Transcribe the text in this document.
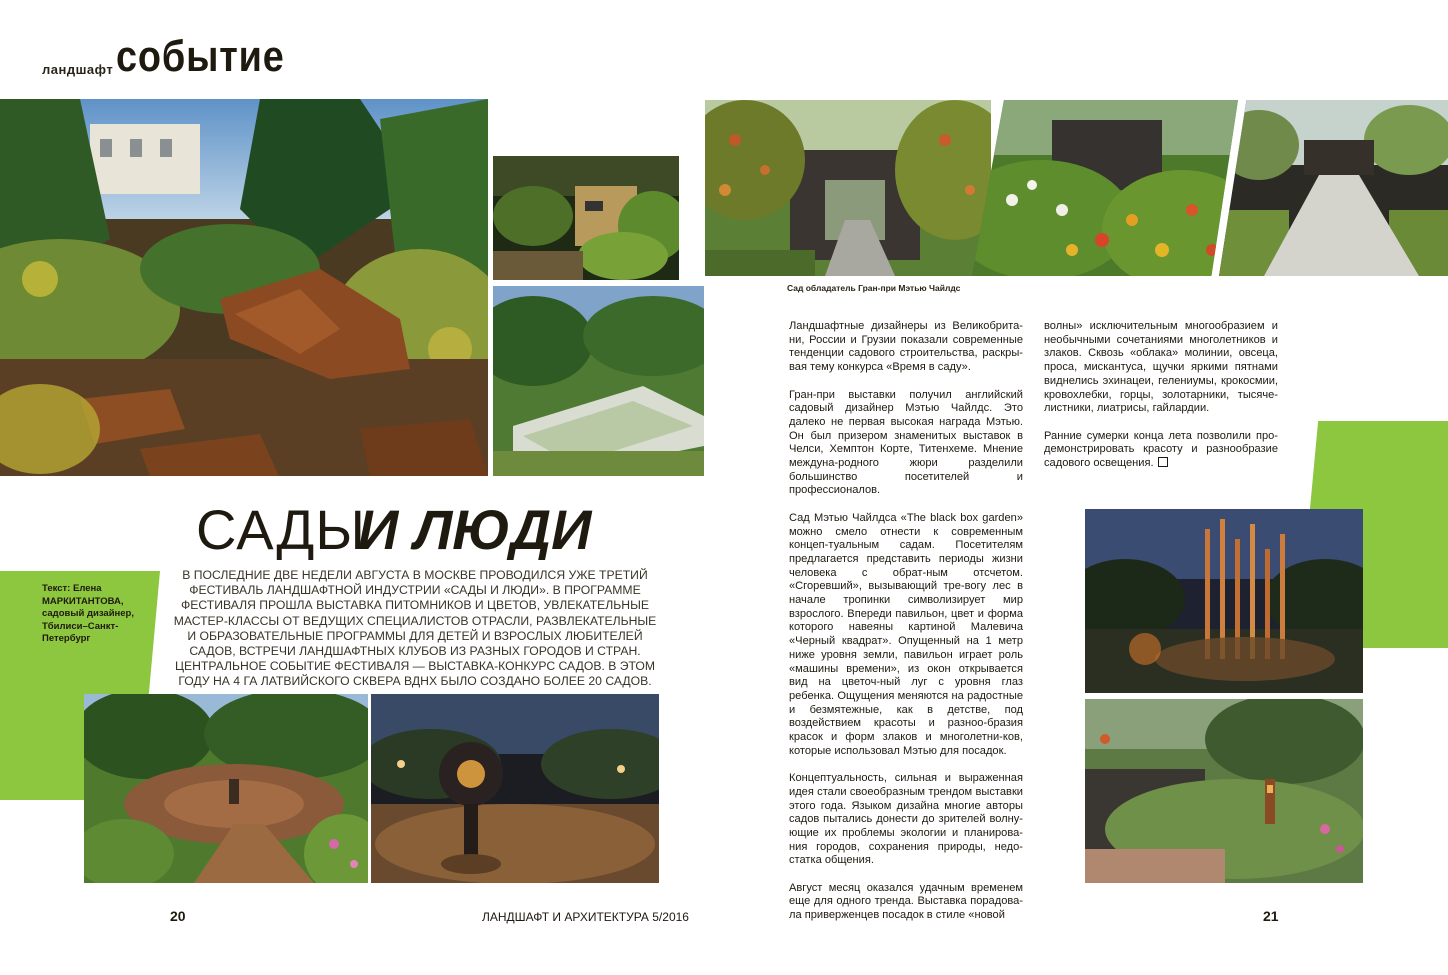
ландшафт событие
САДЫ
И ЛЮДИ
Текст: Елена МАРКИТАНТОВА, садовый дизайнер, Тбилиси–Санкт-Петербург
В ПОСЛЕДНИЕ ДВЕ НЕДЕЛИ АВГУСТА В МОСКВЕ ПРОВОДИЛСЯ УЖЕ ТРЕТИЙ ФЕСТИВАЛЬ ЛАНДШАФТНОЙ ИНДУСТРИИ «САДЫ И ЛЮДИ». В ПРОГРАММЕ ФЕСТИВАЛЯ ПРОШЛА ВЫСТАВКА ПИТОМНИКОВ И ЦВЕТОВ, УВЛЕКАТЕЛЬНЫЕ МАСТЕР-КЛАССЫ ОТ ВЕДУЩИХ СПЕЦИАЛИСТОВ ОТРАСЛИ, РАЗВЛЕКАТЕЛЬНЫЕ И ОБРАЗОВАТЕЛЬНЫЕ ПРОГРАММЫ ДЛЯ ДЕТЕЙ И ВЗРОСЛЫХ ЛЮБИТЕЛЕЙ САДОВ, ВСТРЕЧИ ЛАНДШАФТНЫХ КЛУБОВ ИЗ РАЗНЫХ ГОРОДОВ И СТРАН. ЦЕНТРАЛЬНОЕ СОБЫТИЕ ФЕСТИВАЛЯ — ВЫСТАВКА-КОНКУРС САДОВ. В ЭТОМ ГОДУ НА 4 ГА ЛАТВИЙСКОГО СКВЕРА ВДНХ БЫЛО СОЗДАНО БОЛЕЕ 20 САДОВ.
Сад обладатель Гран-при Мэтью Чайлдс

Ландшафтные дизайнеры из Великобрита-ни, России и Грузии показали современные тенденции садового строительства, раскры-вая тему конкурса «Время в саду».

Гран-при выставки получил английский садовый дизайнер Мэтью Чайлдс. Это далеко не первая высокая награда Мэтью. Он был призером знаменитых выставок в Челси, Хемптон Корте, Титенхеме. Мнение междуна-родного жюри разделили большинство посетителей и профессионалов.

Сад Мэтью Чайлдса «The black box garden» можно смело отнести к современным концеп-туальным садам. Посетителям предлагается представить периоды жизни человека с обрат-ным отсчетом. «Сгоревший», вызывающий тре-вогу лес в начале тропинки символизирует мир взрослого. Впереди павильон, цвет и форма которого навеяны картиной Малевича «Черный квадрат». Опущенный на 1 метр ниже уровня земли, павильон играет роль «машины времени», из окон открывается вид на цветоч-ный луг с уровня глаз ребенка. Ощущения меняются на радостные и безмятежные, как в детстве, под воздействием красоты и разноо-бразия красок и форм злаков и многолетни-ков, которые использовал Мэтью для посадок.

Концептуальность, сильная и выраженная идея стали своеобразным трендом выставки этого года. Языком дизайна многие авторы садов пытались донести до зрителей волну-ющие их проблемы экологии и планирова-ния городов, сохранения природы, недо-статка общения.

Август месяц оказался удачным временем еще для одного тренда. Выставка порадова-ла приверженцев посадок в стиле «новой

волны» исключительным многообразием и необычными сочетаниями многолетников и злаков. Сквозь «облака» молинии, овсеца, проса, мискантуса, щучки яркими пятнами виднелись эхинацеи, гелениумы, крокосмии, кровохлебки, горцы, золотарники, тысяче-листники, лиатрисы, гайлардии.

Ранние сумерки конца лета позволили про-демонстрировать красоту и разнообразие садового освещения.

20	ЛАНДШАФТ И АРХИТЕКТУРА 5/2016	21
